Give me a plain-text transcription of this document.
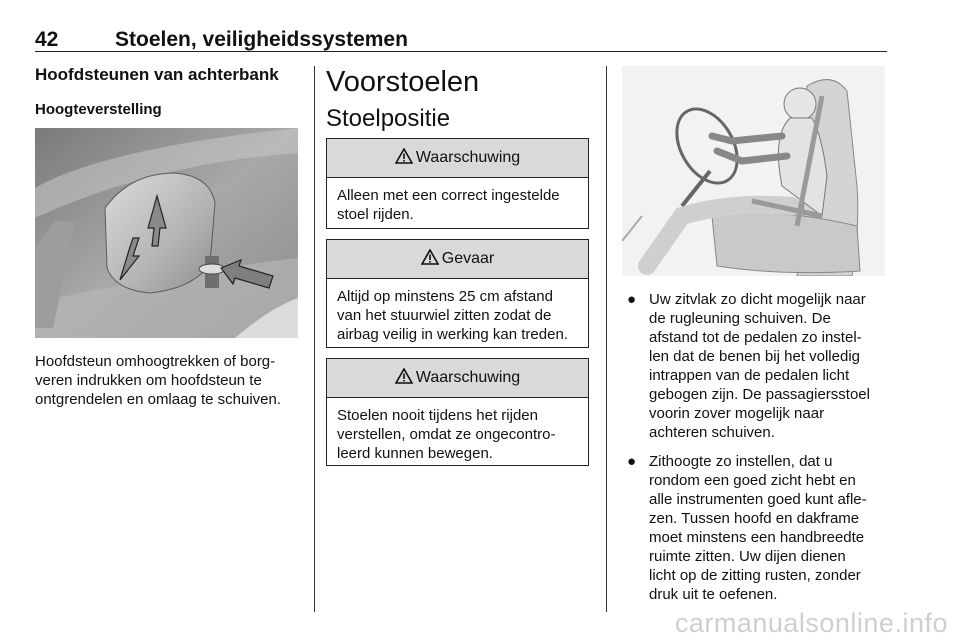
42	Stoelen, veiligheidssystemen
Hoofdsteunen van achterbank
Hoogteverstelling
Hoofdsteun omhoogtrekken of borg-
veren indrukken om hoofdsteun te
ontgrendelen en omlaag te schuiven.
Voorstoelen
Stoelpositie
Waarschuwing
Alleen met een correct ingestelde
stoel rijden.
Gevaar
Altijd op minstens 25 cm afstand
van het stuurwiel zitten zodat de
airbag veilig in werking kan treden.
Waarschuwing
Stoelen nooit tijdens het rijden
verstellen, omdat ze ongecontro-
leerd kunnen bewegen.
● Uw zitvlak zo dicht mogelijk naar
de rugleuning schuiven. De
afstand tot de pedalen zo instel-
len dat de benen bij het volledig
intrappen van de pedalen licht
gebogen zijn. De passagiersstoel
voorin zover mogelijk naar
achteren schuiven.
● Zithoogte zo instellen, dat u
rondom een goed zicht hebt en
alle instrumenten goed kunt afle-
zen. Tussen hoofd en dakframe
moet minstens een handbreedte
ruimte zitten. Uw dijen dienen
licht op de zitting rusten, zonder
druk uit te oefenen.
carmanualsonline.info
